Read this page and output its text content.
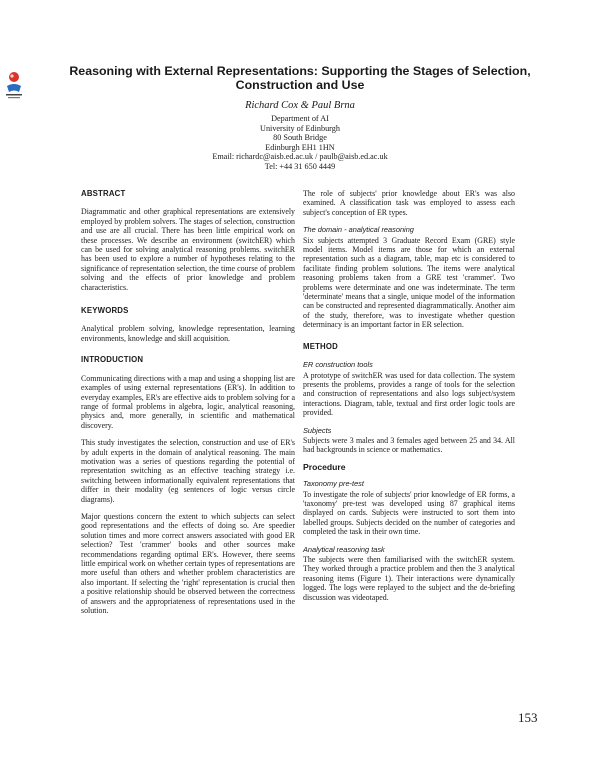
Reasoning with External Representations: Supporting the Stages of Selection, Construction and Use

Richard Cox & Paul Brna

Department of AI
University of Edinburgh
80 South Bridge
Edinburgh EH1 1HN
Email: richardc@aisb.ed.ac.uk / paulb@aisb.ed.ac.uk
Tel: +44 31 650 4449
ABSTRACT

Diagrammatic and other graphical representations are extensively employed by problem solvers. The stages of selection, construction and use are all crucial. There has been little empirical work on these processes. We describe an environment (switchER) which can be used for solving analytical reasoning problems. switchER has been used to explore a number of hypotheses relating to the significance of representation selection, the time course of problem solving and the effects of prior knowledge and problem characteristics.

KEYWORDS

Analytical problem solving, knowledge representation, learning environments, knowledge and skill acquisition.

INTRODUCTION

Communicating directions with a map and using a shopping list are examples of using external representations (ER's). In addition to everyday examples, ER's are effective aids to problem solving for a range of formal problems in algebra, logic, analytical reasoning, physics and, more generally, in scientific and mathematical discovery.

This study investigates the selection, construction and use of ER's by adult experts in the domain of analytical reasoning. The main motivation was a series of questions regarding the potential of representation switching as an effective teaching strategy i.e. switching between informationally equivalent representations that differ in their modality (eg sentences of logic versus circle diagrams).

Major questions concern the extent to which subjects can select good representations and the effects of doing so. Are speedier solution times and more correct answers associated with good ER selection? Test 'crammer' books and other sources make recommendations regarding optimal ER's. However, there seems little empirical work on whether certain types of representations are more useful than others and whether problem characteristics are also important. If selecting the 'right' representation is crucial then a positive relationship should be observed between the correctness of answers and the appropriateness of representations used in the solution.

The role of subjects' prior knowledge about ER's was also examined. A classification task was employed to assess each subject's conception of ER types.

The domain - analytical reasoning

Six subjects attempted 3 Graduate Record Exam (GRE) style model items. Model items are those for which an external representation such as a diagram, table, map etc is considered to facilitate finding problem solutions. The items were analytical reasoning problems taken from a GRE test 'crammer'. Two problems were determinate and one was indeterminate. The term 'determinate' means that a single, unique model of the information can be constructed and represented diagrammatically. Another aim of the study, therefore, was to investigate whether question determinacy is an important factor in ER selection.

METHOD

ER construction tools

A prototype of switchER was used for data collection. The system presents the problems, provides a range of tools for the selection and construction of representations and also logs subject/system interactions. Diagram, table, textual and first order logic tools are provided.

Subjects

Subjects were 3 males and 3 females aged between 25 and 34. All had backgrounds in science or mathematics.

Procedure

Taxonomy pre-test

To investigate the role of subjects' prior knowledge of ER forms, a 'taxonomy' pre-test was developed using 87 graphical items displayed on cards. Subjects were instructed to sort them into labelled groups. Subjects decided on the number of categories and completed the task in their own time.

Analytical reasoning task

The subjects were then familiarised with the switchER system. They worked through a practice problem and then the 3 analytical reasoning items (Figure 1). Their interactions were dynamically logged. The logs were replayed to the subject and the de-briefing discussion was videotaped.

153
